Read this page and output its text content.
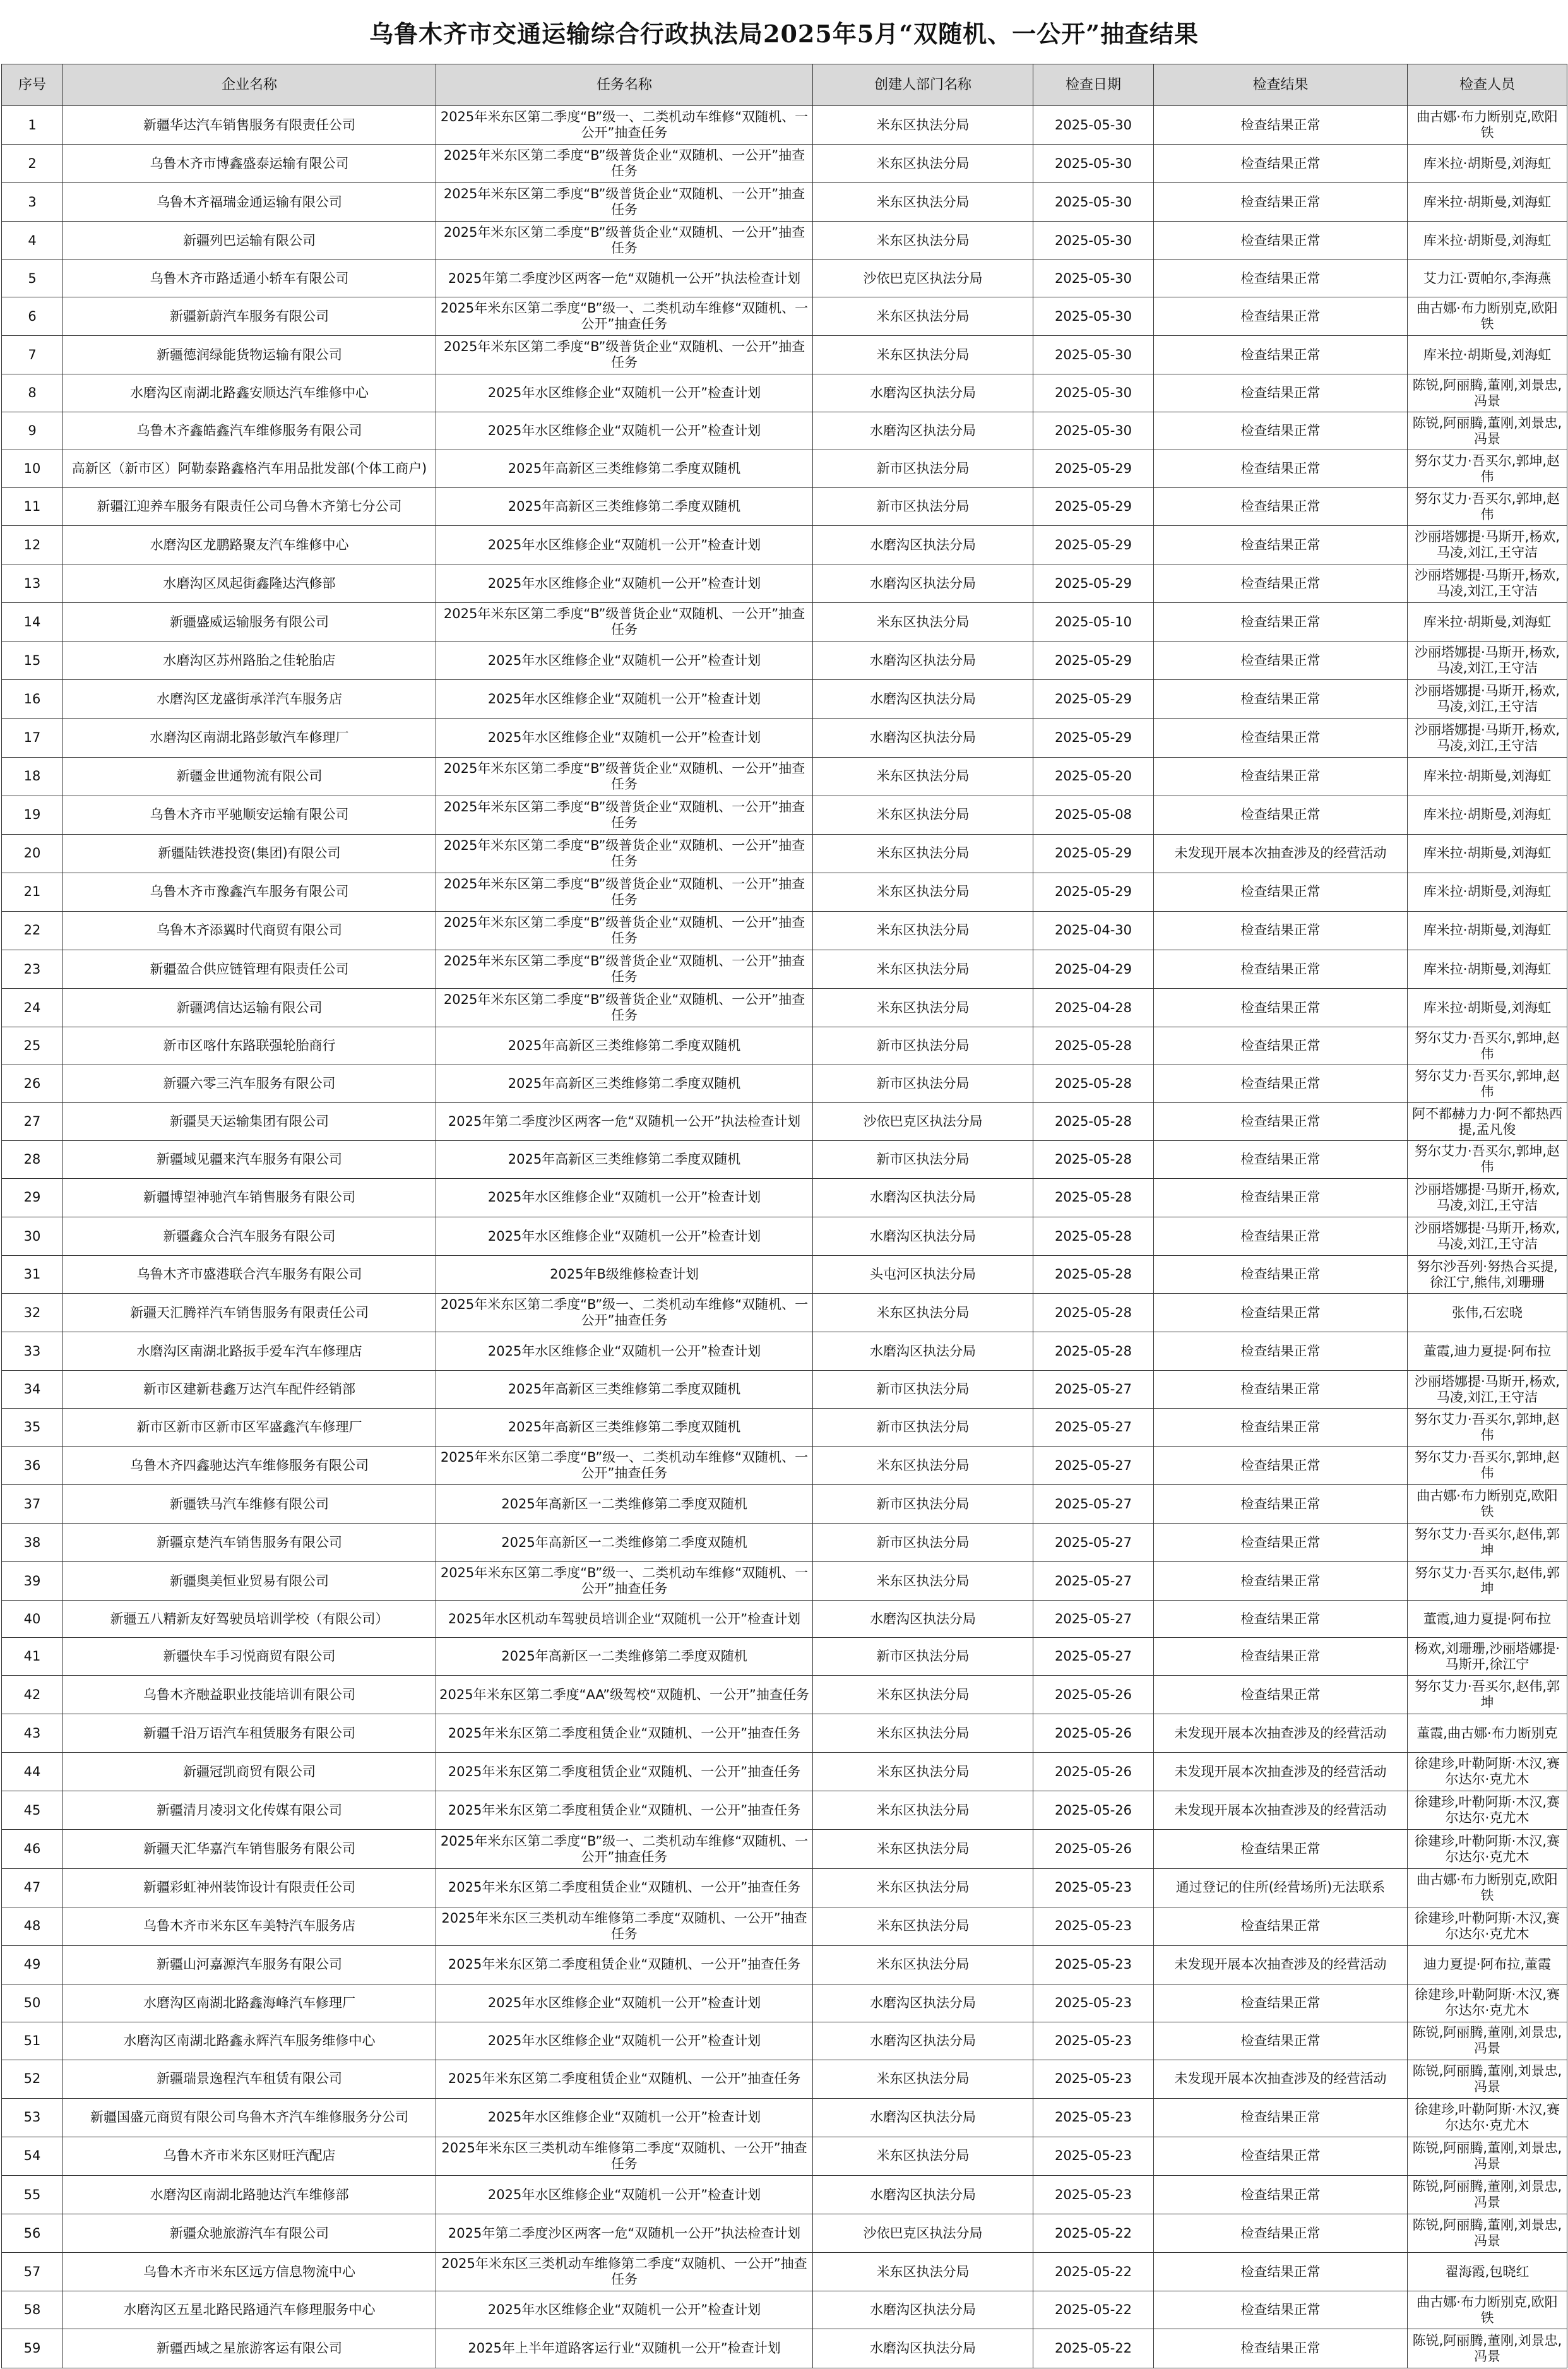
乌鲁木齐市交通运输综合行政执法局2025年5月“双随机、一公开”抽查结果
序号	企业名称	任务名称	创建人部门名称	检查日期	检查结果	检查人员
1	新疆华达汽车销售服务有限责任公司	2025年米东区第二季度“B”级一、二类机动车维修“双随机、一公开”抽查任务	米东区执法分局	2025-05-30	检查结果正常	曲古娜·布力断别克,欧阳铁
2	乌鲁木齐市博鑫盛泰运输有限公司	2025年米东区第二季度“B”级普货企业“双随机、一公开”抽查任务	米东区执法分局	2025-05-30	检查结果正常	库米拉·胡斯曼,刘海虹
3	乌鲁木齐福瑞金通运输有限公司	2025年米东区第二季度“B”级普货企业“双随机、一公开”抽查任务	米东区执法分局	2025-05-30	检查结果正常	库米拉·胡斯曼,刘海虹
4	新疆列巴运输有限公司	2025年米东区第二季度“B”级普货企业“双随机、一公开”抽查任务	米东区执法分局	2025-05-30	检查结果正常	库米拉·胡斯曼,刘海虹
5	乌鲁木齐市路适通小轿车有限公司	2025年第二季度沙区两客一危“双随机一公开”执法检查计划	沙依巴克区执法分局	2025-05-30	检查结果正常	艾力江·贾帕尔,李海燕
6	新疆新蔚汽车服务有限公司	2025年米东区第二季度“B”级一、二类机动车维修“双随机、一公开”抽查任务	米东区执法分局	2025-05-30	检查结果正常	曲古娜·布力断别克,欧阳铁
7	新疆德润绿能货物运输有限公司	2025年米东区第二季度“B”级普货企业“双随机、一公开”抽查任务	米东区执法分局	2025-05-30	检查结果正常	库米拉·胡斯曼,刘海虹
8	水磨沟区南湖北路鑫安顺达汽车维修中心	2025年水区维修企业“双随机一公开”检查计划	水磨沟区执法分局	2025-05-30	检查结果正常	陈锐,阿丽腾,董刚,刘景忠,冯景
9	乌鲁木齐鑫皓鑫汽车维修服务有限公司	2025年水区维修企业“双随机一公开”检查计划	水磨沟区执法分局	2025-05-30	检查结果正常	陈锐,阿丽腾,董刚,刘景忠,冯景
10	高新区（新市区）阿勒泰路鑫格汽车用品批发部(个体工商户)	2025年高新区三类维修第二季度双随机	新市区执法分局	2025-05-29	检查结果正常	努尔艾力·吾买尔,郭坤,赵伟
11	新疆江迎养车服务有限责任公司乌鲁木齐第七分公司	2025年高新区三类维修第二季度双随机	新市区执法分局	2025-05-29	检查结果正常	努尔艾力·吾买尔,郭坤,赵伟
12	水磨沟区龙鹏路聚友汽车维修中心	2025年水区维修企业“双随机一公开”检查计划	水磨沟区执法分局	2025-05-29	检查结果正常	沙丽塔娜提·马斯开,杨欢,马凌,刘江,王守洁
13	水磨沟区凤起街鑫隆达汽修部	2025年水区维修企业“双随机一公开”检查计划	水磨沟区执法分局	2025-05-29	检查结果正常	沙丽塔娜提·马斯开,杨欢,马凌,刘江,王守洁
14	新疆盛威运输服务有限公司	2025年米东区第二季度“B”级普货企业“双随机、一公开”抽查任务	米东区执法分局	2025-05-10	检查结果正常	库米拉·胡斯曼,刘海虹
15	水磨沟区苏州路胎之佳轮胎店	2025年水区维修企业“双随机一公开”检查计划	水磨沟区执法分局	2025-05-29	检查结果正常	沙丽塔娜提·马斯开,杨欢,马凌,刘江,王守洁
16	水磨沟区龙盛街承洋汽车服务店	2025年水区维修企业“双随机一公开”检查计划	水磨沟区执法分局	2025-05-29	检查结果正常	沙丽塔娜提·马斯开,杨欢,马凌,刘江,王守洁
17	水磨沟区南湖北路彭敏汽车修理厂	2025年水区维修企业“双随机一公开”检查计划	水磨沟区执法分局	2025-05-29	检查结果正常	沙丽塔娜提·马斯开,杨欢,马凌,刘江,王守洁
18	新疆金世通物流有限公司	2025年米东区第二季度“B”级普货企业“双随机、一公开”抽查任务	米东区执法分局	2025-05-20	检查结果正常	库米拉·胡斯曼,刘海虹
19	乌鲁木齐市平驰顺安运输有限公司	2025年米东区第二季度“B”级普货企业“双随机、一公开”抽查任务	米东区执法分局	2025-05-08	检查结果正常	库米拉·胡斯曼,刘海虹
20	新疆陆铁港投资(集团)有限公司	2025年米东区第二季度“B”级普货企业“双随机、一公开”抽查任务	米东区执法分局	2025-05-29	未发现开展本次抽查涉及的经营活动	库米拉·胡斯曼,刘海虹
21	乌鲁木齐市豫鑫汽车服务有限公司	2025年米东区第二季度“B”级普货企业“双随机、一公开”抽查任务	米东区执法分局	2025-05-29	检查结果正常	库米拉·胡斯曼,刘海虹
22	乌鲁木齐添翼时代商贸有限公司	2025年米东区第二季度“B”级普货企业“双随机、一公开”抽查任务	米东区执法分局	2025-04-30	检查结果正常	库米拉·胡斯曼,刘海虹
23	新疆盈合供应链管理有限责任公司	2025年米东区第二季度“B”级普货企业“双随机、一公开”抽查任务	米东区执法分局	2025-04-29	检查结果正常	库米拉·胡斯曼,刘海虹
24	新疆鸿信达运输有限公司	2025年米东区第二季度“B”级普货企业“双随机、一公开”抽查任务	米东区执法分局	2025-04-28	检查结果正常	库米拉·胡斯曼,刘海虹
25	新市区喀什东路联强轮胎商行	2025年高新区三类维修第二季度双随机	新市区执法分局	2025-05-28	检查结果正常	努尔艾力·吾买尔,郭坤,赵伟
26	新疆六零三汽车服务有限公司	2025年高新区三类维修第二季度双随机	新市区执法分局	2025-05-28	检查结果正常	努尔艾力·吾买尔,郭坤,赵伟
27	新疆昊天运输集团有限公司	2025年第二季度沙区两客一危“双随机一公开”执法检查计划	沙依巴克区执法分局	2025-05-28	检查结果正常	阿不都赫力力·阿不都热西提,孟凡俊
28	新疆域见疆来汽车服务有限公司	2025年高新区三类维修第二季度双随机	新市区执法分局	2025-05-28	检查结果正常	努尔艾力·吾买尔,郭坤,赵伟
29	新疆博望神驰汽车销售服务有限公司	2025年水区维修企业“双随机一公开”检查计划	水磨沟区执法分局	2025-05-28	检查结果正常	沙丽塔娜提·马斯开,杨欢,马凌,刘江,王守洁
30	新疆鑫众合汽车服务有限公司	2025年水区维修企业“双随机一公开”检查计划	水磨沟区执法分局	2025-05-28	检查结果正常	沙丽塔娜提·马斯开,杨欢,马凌,刘江,王守洁
31	乌鲁木齐市盛港联合汽车服务有限公司	2025年B级维修检查计划	头屯河区执法分局	2025-05-28	检查结果正常	努尔沙吾列·努热合买提,徐江宁,熊伟,刘珊珊
32	新疆天汇腾祥汽车销售服务有限责任公司	2025年米东区第二季度“B”级一、二类机动车维修“双随机、一公开”抽查任务	米东区执法分局	2025-05-28	检查结果正常	张伟,石宏晓
33	水磨沟区南湖北路扳手爱车汽车修理店	2025年水区维修企业“双随机一公开”检查计划	水磨沟区执法分局	2025-05-28	检查结果正常	董霞,迪力夏提·阿布拉
34	新市区建新巷鑫万达汽车配件经销部	2025年高新区三类维修第二季度双随机	新市区执法分局	2025-05-27	检查结果正常	沙丽塔娜提·马斯开,杨欢,马凌,刘江,王守洁
35	新市区新市区新市区军盛鑫汽车修理厂	2025年高新区三类维修第二季度双随机	新市区执法分局	2025-05-27	检查结果正常	努尔艾力·吾买尔,郭坤,赵伟
36	乌鲁木齐四鑫驰达汽车维修服务有限公司	2025年米东区第二季度“B”级一、二类机动车维修“双随机、一公开”抽查任务	米东区执法分局	2025-05-27	检查结果正常	努尔艾力·吾买尔,郭坤,赵伟
37	新疆铁马汽车维修有限公司	2025年高新区一二类维修第二季度双随机	新市区执法分局	2025-05-27	检查结果正常	曲古娜·布力断别克,欧阳铁
38	新疆京楚汽车销售服务有限公司	2025年高新区一二类维修第二季度双随机	新市区执法分局	2025-05-27	检查结果正常	努尔艾力·吾买尔,赵伟,郭坤
39	新疆奥美恒业贸易有限公司	2025年米东区第二季度“B”级一、二类机动车维修“双随机、一公开”抽查任务	米东区执法分局	2025-05-27	检查结果正常	努尔艾力·吾买尔,赵伟,郭坤
40	新疆五八精新友好驾驶员培训学校（有限公司）	2025年水区机动车驾驶员培训企业“双随机一公开”检查计划	水磨沟区执法分局	2025-05-27	检查结果正常	董霞,迪力夏提·阿布拉
41	新疆快车手习悦商贸有限公司	2025年高新区一二类维修第二季度双随机	新市区执法分局	2025-05-27	检查结果正常	杨欢,刘珊珊,沙丽塔娜提·马斯开,徐江宁
42	乌鲁木齐融益职业技能培训有限公司	2025年米东区第二季度“AA”级驾校“双随机、一公开”抽查任务	米东区执法分局	2025-05-26	检查结果正常	努尔艾力·吾买尔,赵伟,郭坤
43	新疆千沿万语汽车租赁服务有限公司	2025年米东区第二季度租赁企业“双随机、一公开”抽查任务	米东区执法分局	2025-05-26	未发现开展本次抽查涉及的经营活动	董霞,曲古娜·布力断别克
44	新疆冠凯商贸有限公司	2025年米东区第二季度租赁企业“双随机、一公开”抽查任务	米东区执法分局	2025-05-26	未发现开展本次抽查涉及的经营活动	徐建珍,叶勒阿斯·木汉,赛尔达尔·克尤木
45	新疆清月凌羽文化传媒有限公司	2025年米东区第二季度租赁企业“双随机、一公开”抽查任务	米东区执法分局	2025-05-26	未发现开展本次抽查涉及的经营活动	徐建珍,叶勒阿斯·木汉,赛尔达尔·克尤木
46	新疆天汇华嘉汽车销售服务有限公司	2025年米东区第二季度“B”级一、二类机动车维修“双随机、一公开”抽查任务	米东区执法分局	2025-05-26	检查结果正常	徐建珍,叶勒阿斯·木汉,赛尔达尔·克尤木
47	新疆彩虹神州装饰设计有限责任公司	2025年米东区第二季度租赁企业“双随机、一公开”抽查任务	米东区执法分局	2025-05-23	通过登记的住所(经营场所)无法联系	曲古娜·布力断别克,欧阳铁
48	乌鲁木齐市米东区车美特汽车服务店	2025年米东区三类机动车维修第二季度“双随机、一公开”抽查任务	米东区执法分局	2025-05-23	检查结果正常	徐建珍,叶勒阿斯·木汉,赛尔达尔·克尤木
49	新疆山河嘉源汽车服务有限公司	2025年米东区第二季度租赁企业“双随机、一公开”抽查任务	米东区执法分局	2025-05-23	未发现开展本次抽查涉及的经营活动	迪力夏提·阿布拉,董霞
50	水磨沟区南湖北路鑫海峰汽车修理厂	2025年水区维修企业“双随机一公开”检查计划	水磨沟区执法分局	2025-05-23	检查结果正常	徐建珍,叶勒阿斯·木汉,赛尔达尔·克尤木
51	水磨沟区南湖北路鑫永辉汽车服务维修中心	2025年水区维修企业“双随机一公开”检查计划	水磨沟区执法分局	2025-05-23	检查结果正常	陈锐,阿丽腾,董刚,刘景忠,冯景
52	新疆瑞景逸程汽车租赁有限公司	2025年米东区第二季度租赁企业“双随机、一公开”抽查任务	米东区执法分局	2025-05-23	未发现开展本次抽查涉及的经营活动	陈锐,阿丽腾,董刚,刘景忠,冯景
53	新疆国盛元商贸有限公司乌鲁木齐汽车维修服务分公司	2025年水区维修企业“双随机一公开”检查计划	水磨沟区执法分局	2025-05-23	检查结果正常	徐建珍,叶勒阿斯·木汉,赛尔达尔·克尤木
54	乌鲁木齐市米东区财旺汽配店	2025年米东区三类机动车维修第二季度“双随机、一公开”抽查任务	米东区执法分局	2025-05-23	检查结果正常	陈锐,阿丽腾,董刚,刘景忠,冯景
55	水磨沟区南湖北路驰达汽车维修部	2025年水区维修企业“双随机一公开”检查计划	水磨沟区执法分局	2025-05-23	检查结果正常	陈锐,阿丽腾,董刚,刘景忠,冯景
56	新疆众驰旅游汽车有限公司	2025年第二季度沙区两客一危“双随机一公开”执法检查计划	沙依巴克区执法分局	2025-05-22	检查结果正常	陈锐,阿丽腾,董刚,刘景忠,冯景
57	乌鲁木齐市米东区远方信息物流中心	2025年米东区三类机动车维修第二季度“双随机、一公开”抽查任务	米东区执法分局	2025-05-22	检查结果正常	翟海霞,包晓红
58	水磨沟区五星北路民路通汽车修理服务中心	2025年水区维修企业“双随机一公开”检查计划	水磨沟区执法分局	2025-05-22	检查结果正常	曲古娜·布力断别克,欧阳铁
59	新疆西域之星旅游客运有限公司	2025年上半年道路客运行业“双随机一公开”检查计划	水磨沟区执法分局	2025-05-22	检查结果正常	陈锐,阿丽腾,董刚,刘景忠,冯景
